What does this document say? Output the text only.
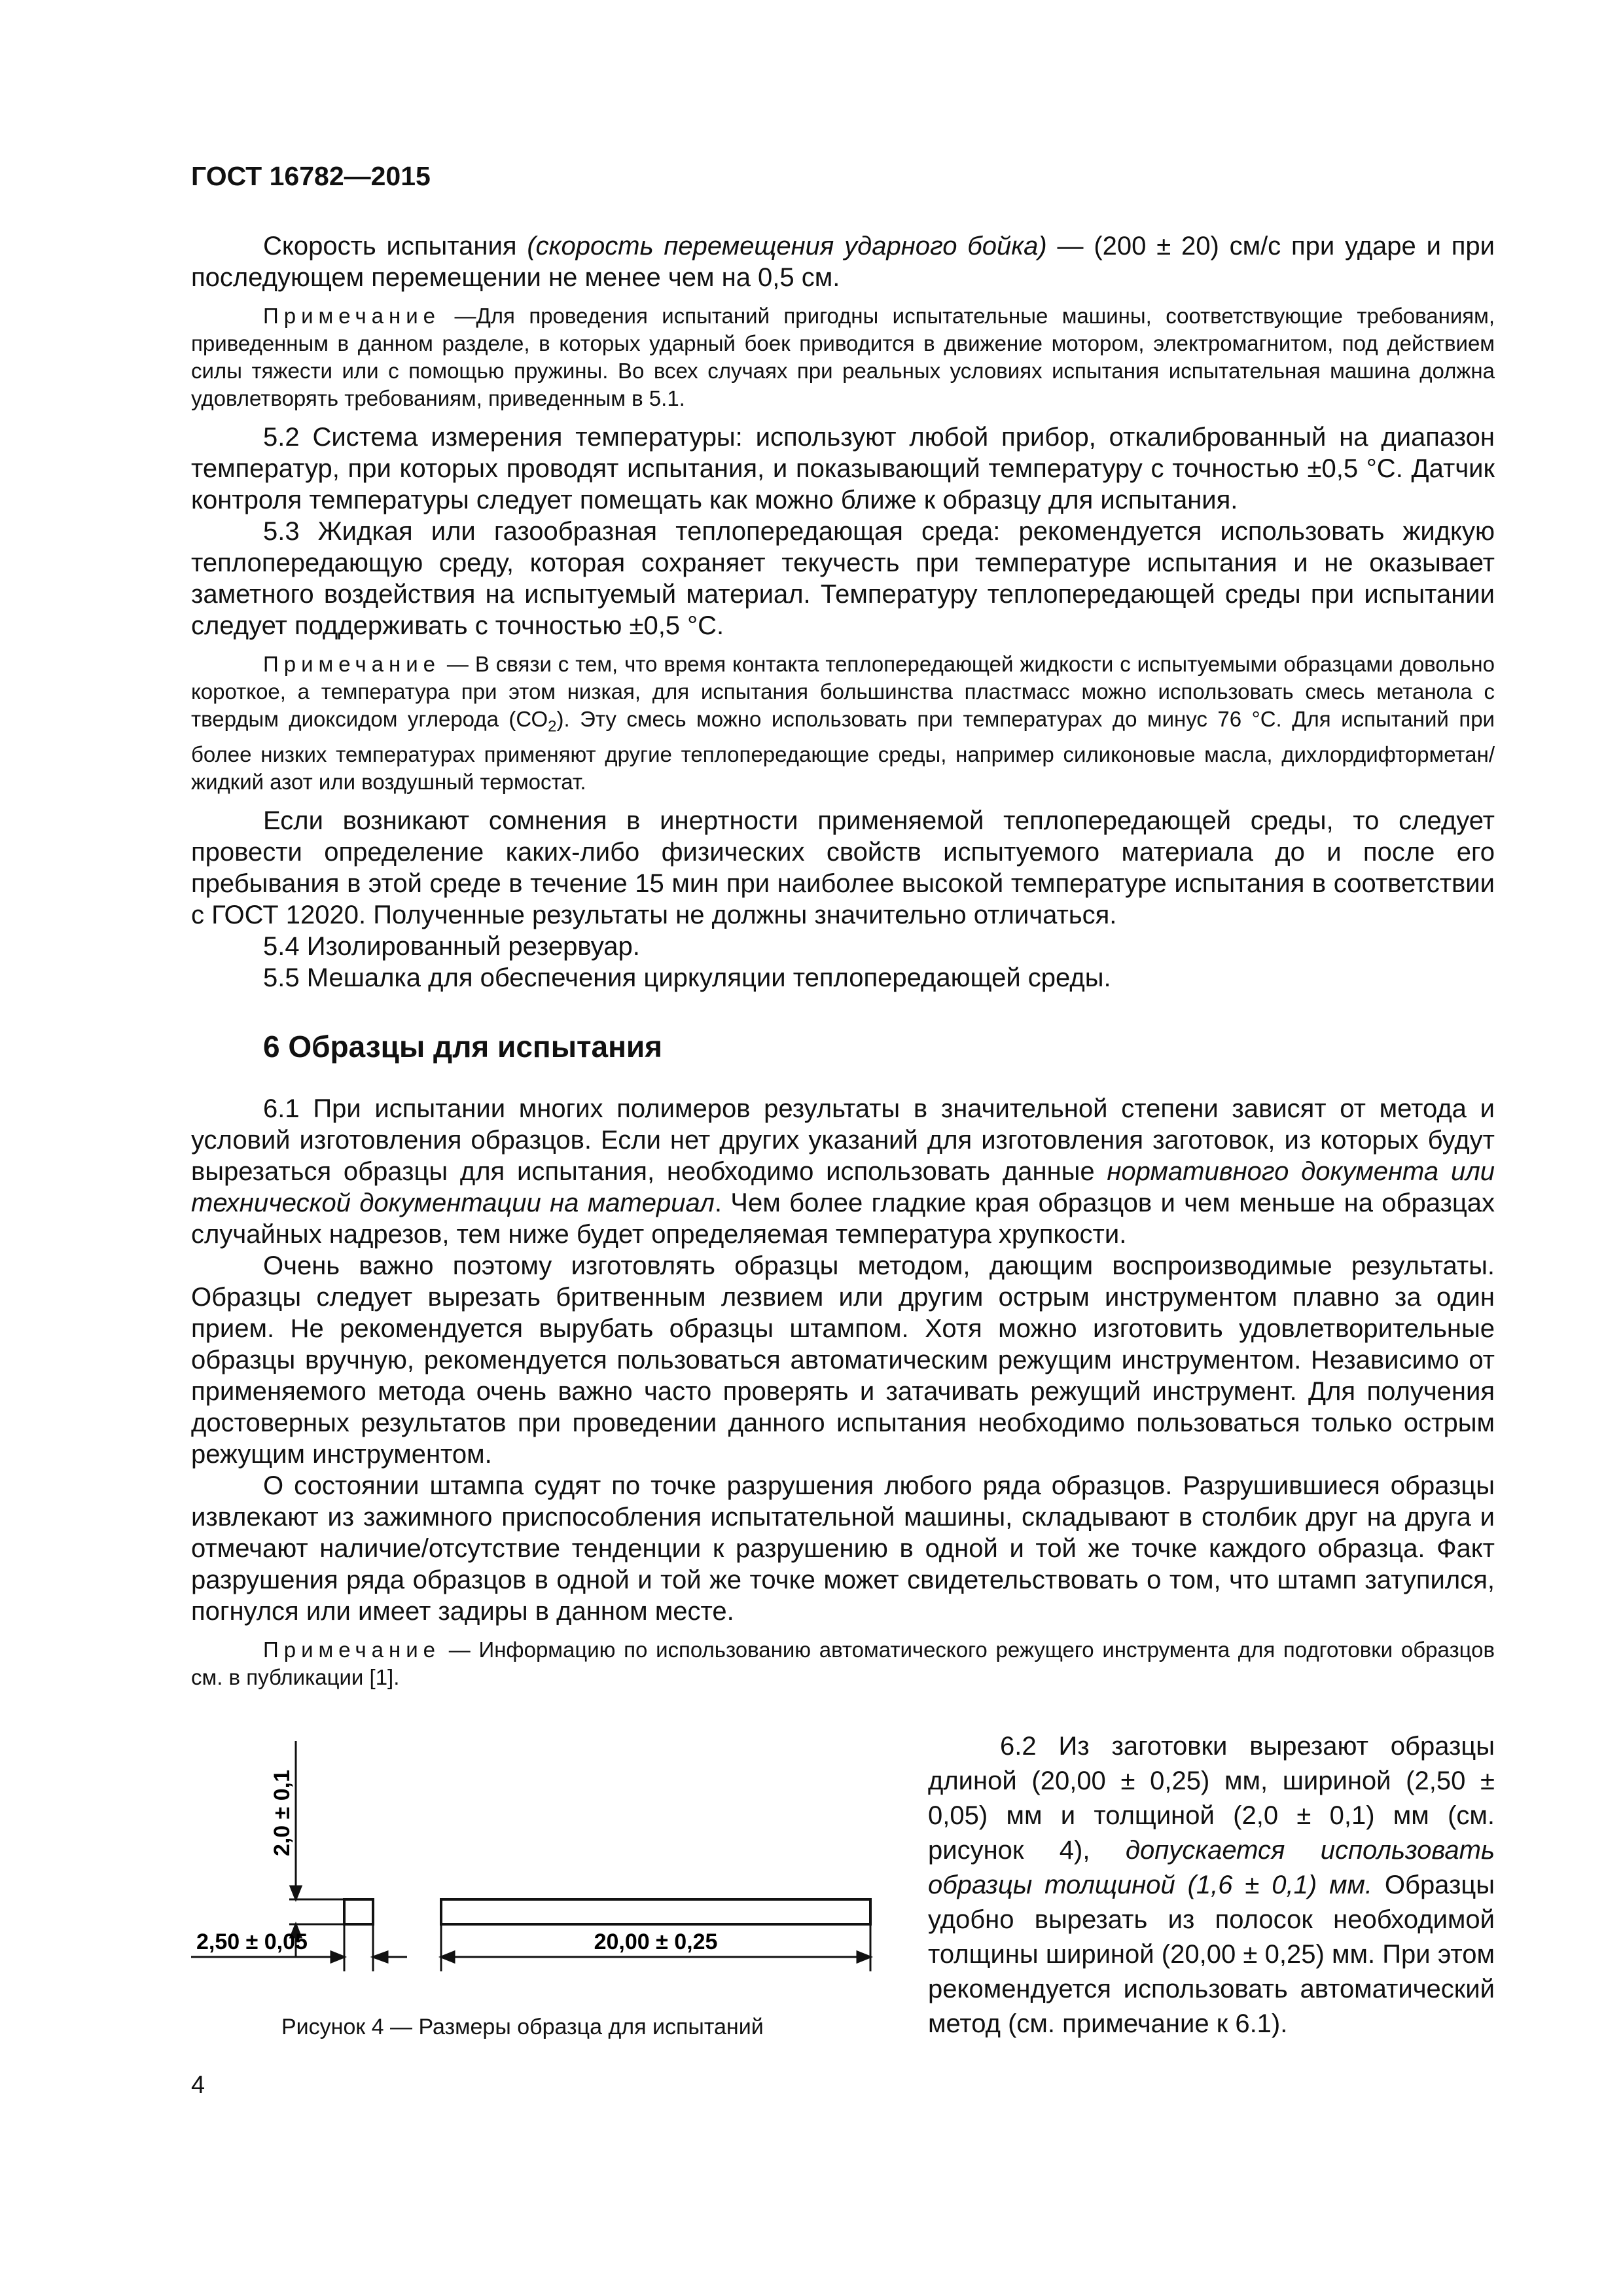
ГОСТ 16782—2015

Скорость испытания (скорость перемещения ударного бойка) — (200 ± 20) см/с при ударе и при последующем перемещении не менее чем на 0,5 см.

Примечание —Для проведения испытаний пригодны испытательные машины, соответствующие требованиям, приведенным в данном разделе, в которых ударный боек приводится в движение мотором, электромагнитом, под действием силы тяжести или с помощью пружины. Во всех случаях при реальных условиях испытания испытательная машина должна удовлетворять требованиям, приведенным в 5.1.

5.2 Система измерения температуры: используют любой прибор, откалиброванный на диапазон температур, при которых проводят испытания, и показывающий температуру с точностью ±0,5 °С. Датчик контроля температуры следует помещать как можно ближе к образцу для испытания.

5.3 Жидкая или газообразная теплопередающая среда: рекомендуется использовать жидкую теплопередающую среду, которая сохраняет текучесть при температуре испытания и не оказывает заметного воздействия на испытуемый материал. Температуру теплопередающей среды при испытании следует поддерживать с точностью ±0,5 °С.

Примечание — В связи с тем, что время контакта теплопередающей жидкости с испытуемыми образцами довольно короткое, а температура при этом низкая, для испытания большинства пластмасс можно использовать смесь метанола с твердым диоксидом углерода $(СО_2)$. Эту смесь можно использовать при температурах до минус 76 °С. Для испытаний при более низких температурах применяют другие теплопередающие среды, например силиконовые масла, дихлордифторметан/жидкий азот или воздушный термостат.

Если возникают сомнения в инертности применяемой теплопередающей среды, то следует провести определение каких-либо физических свойств испытуемого материала до и после его пребывания в этой среде в течение 15 мин при наиболее высокой температуре испытания в соответствии с ГОСТ 12020. Полученные результаты не должны значительно отличаться.

5.4 Изолированный резервуар.

5.5 Мешалка для обеспечения циркуляции теплопередающей среды.

6 Образцы для испытания

6.1 При испытании многих полимеров результаты в значительной степени зависят от метода и условий изготовления образцов. Если нет других указаний для изготовления заготовок, из которых будут вырезаться образцы для испытания, необходимо использовать данные нормативного документа или технической документации на материал. Чем более гладкие края образцов и чем меньше на образцах случайных надрезов, тем ниже будет определяемая температура хрупкости.

Очень важно поэтому изготовлять образцы методом, дающим воспроизводимые результаты. Образцы следует вырезать бритвенным лезвием или другим острым инструментом плавно за один прием. Не рекомендуется вырубать образцы штампом. Хотя можно изготовить удовлетворительные образцы вручную, рекомендуется пользоваться автоматическим режущим инструментом. Независимо от применяемого метода очень важно часто проверять и затачивать режущий инструмент. Для получения достоверных результатов при проведении данного испытания необходимо пользоваться только острым режущим инструментом.

О состоянии штампа судят по точке разрушения любого ряда образцов. Разрушившиеся образцы извлекают из зажимного приспособления испытательной машины, складывают в столбик друг на друга и отмечают наличие/отсутствие тенденции к разрушению в одной и той же точке каждого образца. Факт разрушения ряда образцов в одной и той же точке может свидетельствовать о том, что штамп затупился, погнулся или имеет задиры в данном месте.

Примечание — Информацию по использованию автоматического режущего инструмента для подготовки образцов см. в публикации [1].

2,0 ± 0,1
2,50 ± 0,05	20,00 ± 0,25
Рисунок 4 — Размеры образца для испытаний

6.2 Из заготовки вырезают образцы длиной (20,00 ± 0,25) мм, шириной (2,50 ± 0,05) мм и толщиной (2,0 ± 0,1) мм (см. рисунок 4), допускается использовать образцы толщиной (1,6 ± 0,1) мм. Образцы удобно вырезать из полосок необходимой толщины шириной (20,00 ± 0,25) мм. При этом рекомендуется использовать автоматический метод (см. примечание к 6.1).

4
